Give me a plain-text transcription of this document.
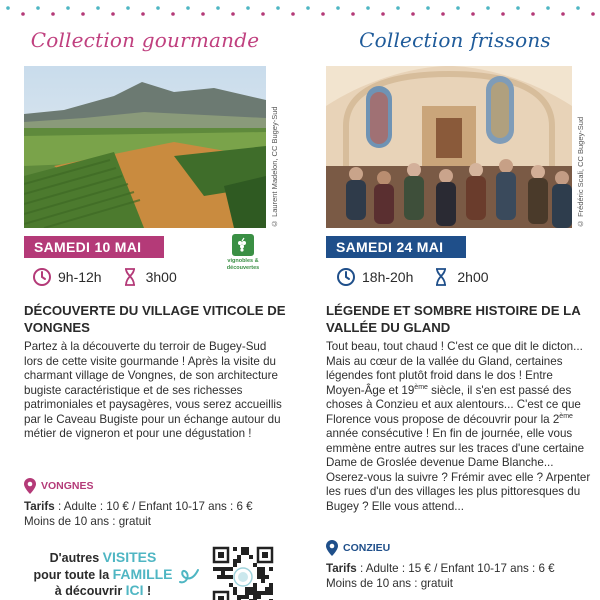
Collection gourmande
© Laurent Madelon, CC Bugey-Sud
SAMEDI 10 MAI
vignobles & découvertes
9h-12h	3h00
DÉCOUVERTE DU VILLAGE VITICOLE DE VONGNES
Partez à la découverte du terroir de Bugey-Sud lors de cette visite gourmande ! Après la visite du charmant village de Vongnes, de son architecture bugiste caractéristique et de ses richesses patrimoniales et paysagères, vous serez accueillis par le Caveau Bugiste pour un échange autour du métier de vigneron et pour une dégustation !
VONGNES
Tarifs : Adulte : 10 € / Enfant 10-17 ans : 6 €
Moins de 10 ans : gratuit
D'autres VISITES
pour toute la FAMILLE
à découvrir ICI !
Collection frissons
© Frédéric Scali, CC Bugey-Sud
SAMEDI 24 MAI
18h-20h	2h00
LÉGENDE ET SOMBRE HISTOIRE DE LA VALLÉE DU GLAND
Tout beau, tout chaud ! C'est ce que dit le dicton... Mais au cœur de la vallée du Gland, certaines légendes font plutôt froid dans le dos ! Entre Moyen-Âge et 19ème siècle, il s'en est passé des choses à Conzieu et aux alentours... C'est ce que Florence vous propose de découvrir pour la 2ème année consécutive ! En fin de journée, elle vous emmène entre autres sur les traces d'une certaine Dame de Groslée devenue Dame Blanche... Oserez-vous la suivre ? Frémir avec elle ? Arpenter les rues d'un des villages les plus pittoresques du Bugey ? Elle vous attend...
CONZIEU
Tarifs : Adulte : 15 € / Enfant 10-17 ans : 6 €
Moins de 10 ans : gratuit
